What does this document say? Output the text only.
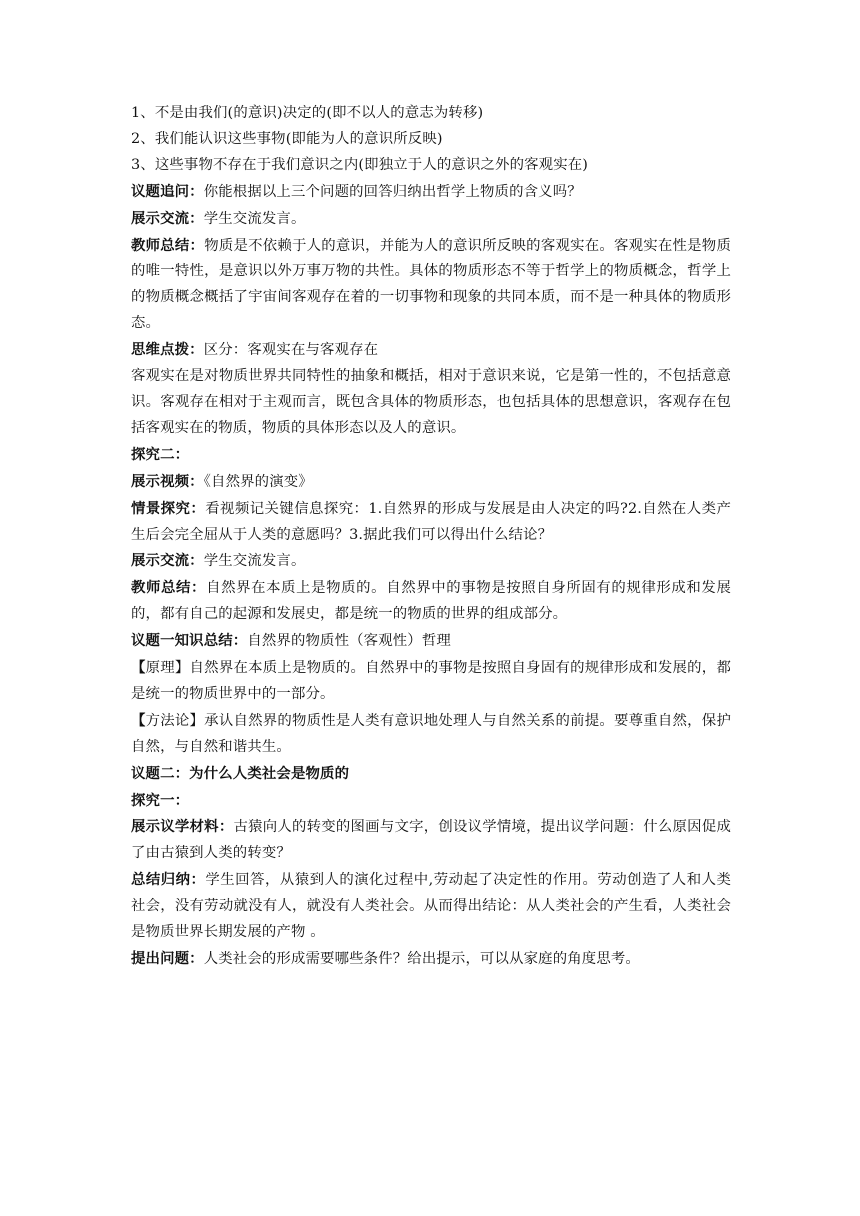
1、不是由我们(的意识)决定的(即不以人的意志为转移)

2、我们能认识这些事物(即能为人的意识所反映)

3、这些事物不存在于我们意识之内(即独立于人的意识之外的客观实在)

议题追问：你能根据以上三个问题的回答归纳出哲学上物质的含义吗？

展示交流：学生交流发言。

教师总结：物质是不依赖于人的意识，并能为人的意识所反映的客观实在。客观实在性是物质的唯一特性，是意识以外万事万物的共性。具体的物质形态不等于哲学上的物质概念，哲学上的物质概念概括了宇宙间客观存在着的一切事物和现象的共同本质，而不是一种具体的物质形态。

思维点拨：区分：客观实在与客观存在

客观实在是对物质世界共同特性的抽象和概括，相对于意识来说，它是第一性的，不包括意意识。客观存在相对于主观而言，既包含具体的物质形态，也包括具体的思想意识，客观存在包括客观实在的物质，物质的具体形态以及人的意识。

探究二：

展示视频：《自然界的演变》

情景探究：看视频记关键信息探究：1.自然界的形成与发展是由人决定的吗?2.自然在人类产生后会完全屈从于人类的意愿吗？3.据此我们可以得出什么结论？

展示交流：学生交流发言。

教师总结：自然界在本质上是物质的。自然界中的事物是按照自身所固有的规律形成和发展的，都有自己的起源和发展史，都是统一的物质的世界的组成部分。

议题一知识总结：自然界的物质性（客观性）哲理

【原理】自然界在本质上是物质的。自然界中的事物是按照自身固有的规律形成和发展的，都是统一的物质世界中的一部分。

【方法论】承认自然界的物质性是人类有意识地处理人与自然关系的前提。要尊重自然，保护自然，与自然和谐共生。

议题二：为什么人类社会是物质的

探究一：

展示议学材料：古猿向人的转变的图画与文字，创设议学情境，提出议学问题：什么原因促成了由古猿到人类的转变？

总结归纳：学生回答，从猿到人的演化过程中,劳动起了决定性的作用。劳动创造了人和人类社会，没有劳动就没有人，就没有人类社会。从而得出结论：从人类社会的产生看，人类社会是物质世界长期发展的产物 。

提出问题：人类社会的形成需要哪些条件？给出提示，可以从家庭的角度思考。
